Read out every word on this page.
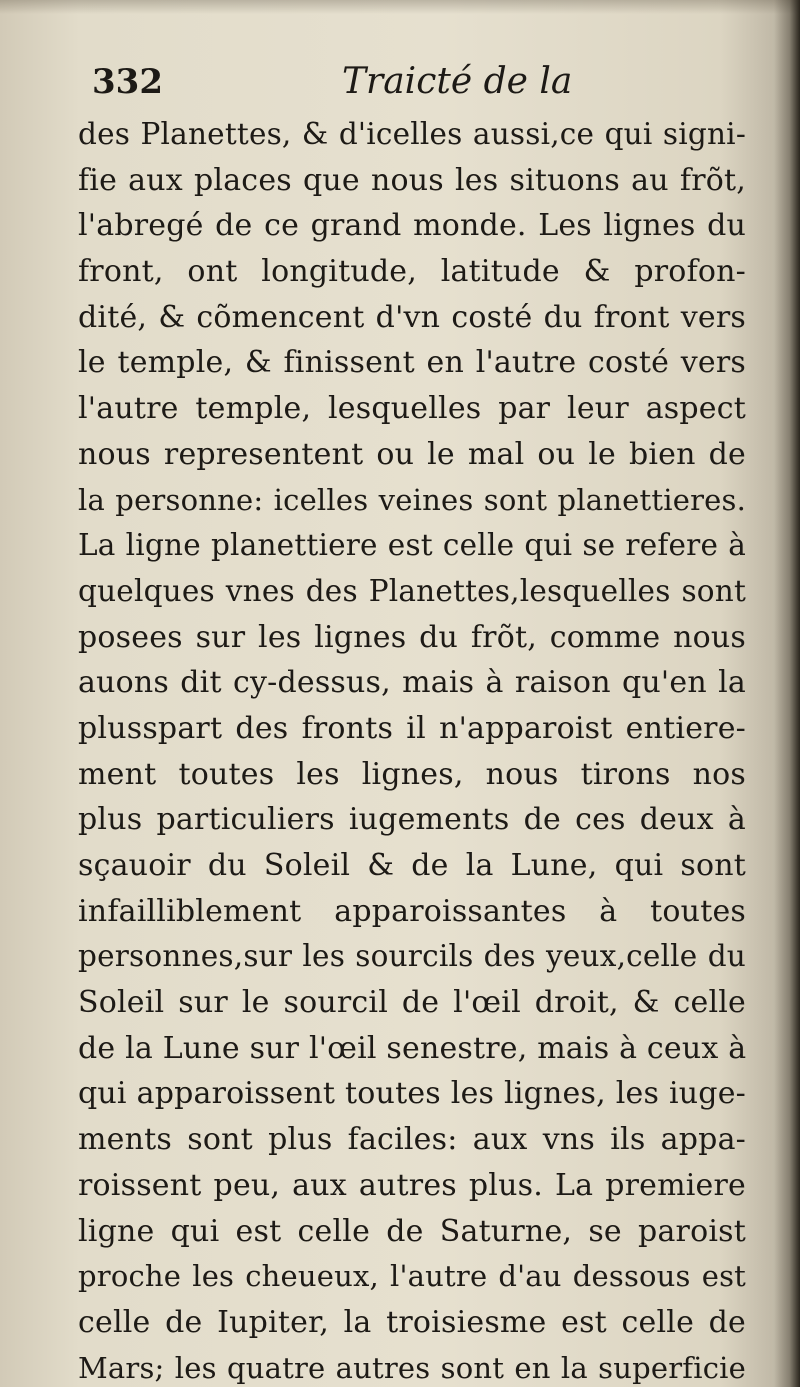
332	Traicté de la
des Planettes, & d'icelles aussi,ce qui signi-
fie aux places que nous les situons au frõt,
l'abregé de ce grand monde. Les lignes du
front, ont longitude, latitude & profon-
dité, & cõmencent d'vn costé du front vers
le temple, & finissent en l'autre costé vers
l'autre temple, lesquelles par leur aspect
nous representent ou le mal ou le bien de
la personne: icelles veines sont planettieres.
La ligne planettiere est celle qui se refere à
quelques vnes des Planettes,lesquelles sont
posees sur les lignes du frõt, comme nous
auons dit cy-dessus, mais à raison qu'en la
plusspart des fronts il n'apparoist entiere-
ment toutes les lignes, nous tirons nos
plus particuliers iugements de ces deux à
sçauoir du Soleil & de la Lune, qui sont
infailliblement apparoissantes à toutes
personnes,sur les sourcils des yeux,celle du
Soleil sur le sourcil de l'œil droit, & celle
de la Lune sur l'œil senestre, mais à ceux à
qui apparoissent toutes les lignes, les iuge-
ments sont plus faciles: aux vns ils appa-
roissent peu, aux autres plus. La premiere
ligne qui est celle de Saturne, se paroist
proche les cheueux, l'autre d'au dessous est
celle de Iupiter, la troisiesme est celle de
Mars; les quatre autres sont en la superficie
